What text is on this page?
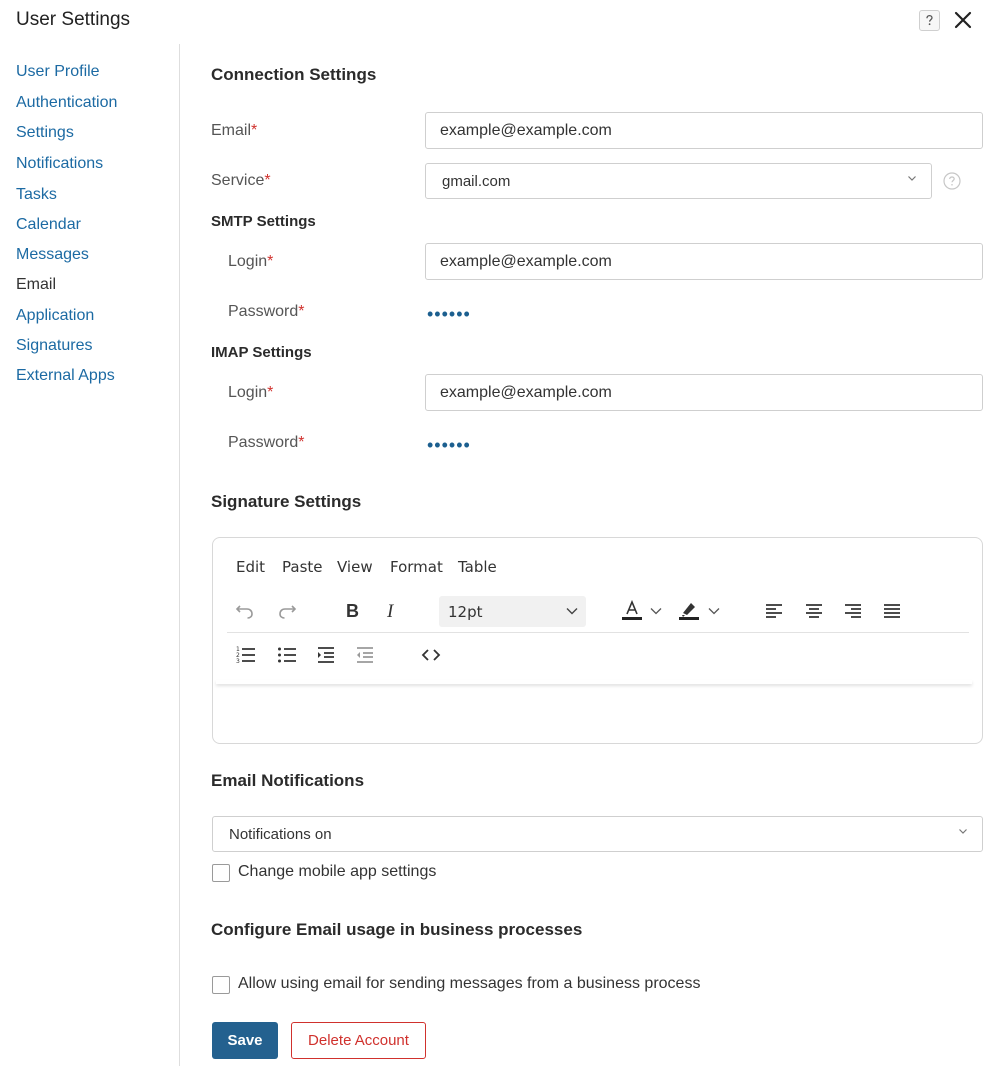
User Settings
User Profile
Authentication
Settings
Notifications
Tasks
Calendar
Messages
Email
Application
Signatures
External Apps
Connection Settings
Email*	example@example.com
Service*	gmail.com
SMTP Settings
Login*	example@example.com
Password*	••••••
IMAP Settings
Login*	example@example.com
Password*	••••••
Signature Settings
Edit Paste View Format Table
B I	12pt
1
2
3
Email Notifications
Notifications on
Change mobile app settings
Configure Email usage in business processes
Allow using email for sending messages from a business process
Save	Delete Account
